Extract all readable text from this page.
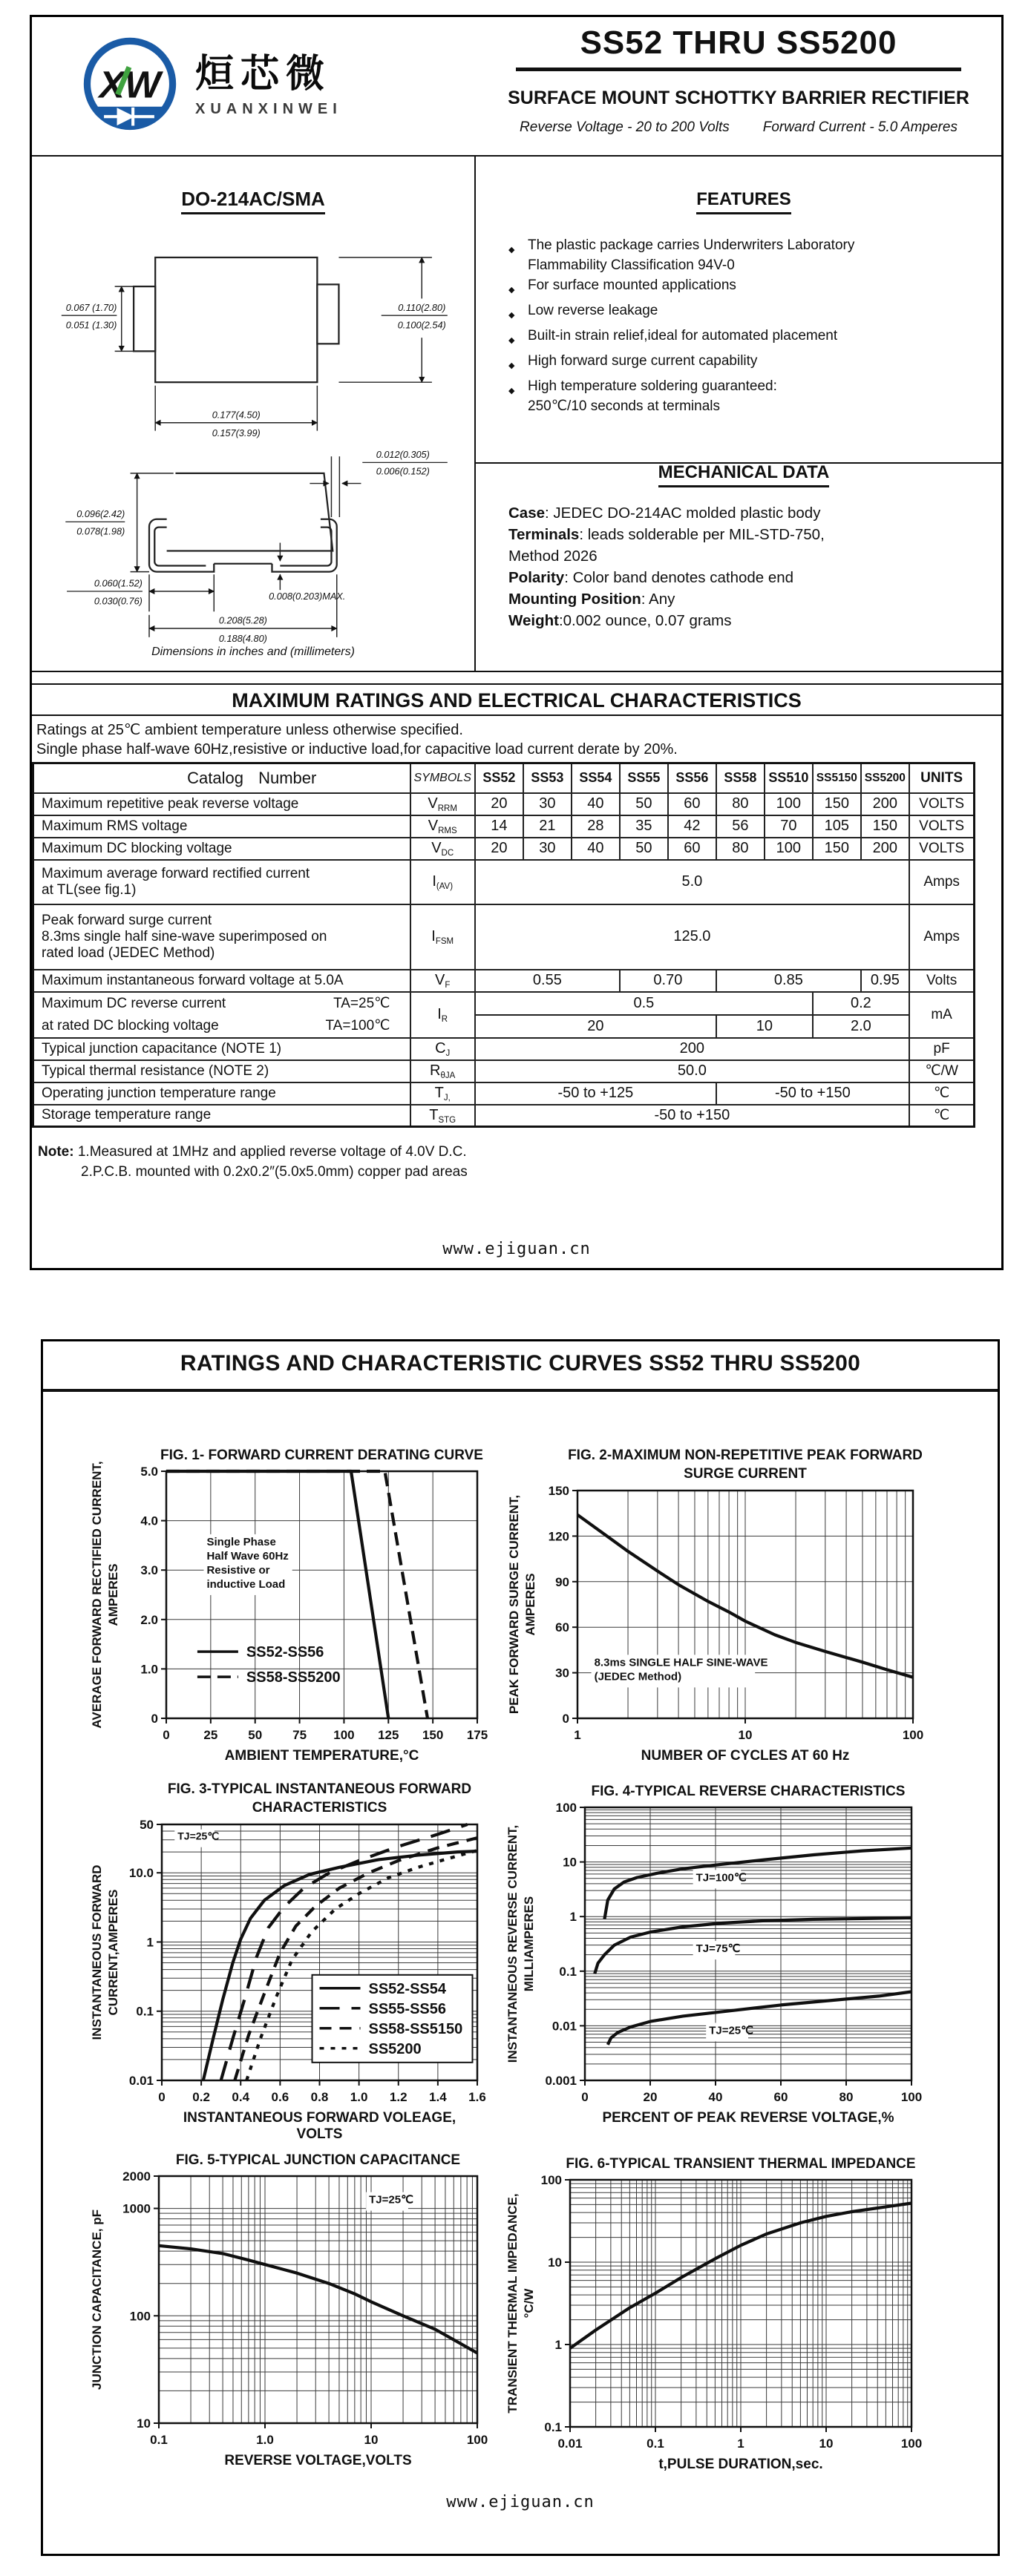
XW 烜芯微
XUANXINWEI
SS52 THRU SS5200
SURFACE MOUNT SCHOTTKY BARRIER RECTIFIER
Reverse Voltage - 20 to 200 Volts Forward Current - 5.0 Amperes
DO-214AC/SMA
0.067 (1.70)
0.051 (1.30)
0.110(2.80)
0.100(2.54)
0.177(4.50)
0.157(3.99)
0.012(0.305)
0.006(0.152)
0.096(2.42)
0.078(1.98)
0.060(1.52)
0.030(0.76)	0.008(0.203)MAX.
0.208(5.28)
0.188(4.80)
Dimensions in inches and (millimeters)
FEATURES
◆ The plastic package carries Underwriters Laboratory
Flammability Classification 94V-0
◆ For surface mounted applications
◆ Low reverse leakage
◆ Built-in strain relief,ideal for automated placement
◆ High forward surge current capability
◆ High temperature soldering guaranteed:
250℃/10 seconds at terminals
MECHANICAL DATA
Case: JEDEC DO-214AC molded plastic body
Terminals: leads solderable per MIL-STD-750,
Method 2026
Polarity: Color band denotes cathode end
Mounting Position: Any
Weight:0.002 ounce, 0.07 grams
MAXIMUM RATINGS AND ELECTRICAL CHARACTERISTICS
Ratings at 25℃ ambient temperature unless otherwise specified.
Single phase half-wave 60Hz,resistive or inductive load,for capacitive load current derate by 20%.
Catalog Number	SYMBOLS	SS52	SS53	SS54	SS55	SS56	SS58	SS510	SS5150	SS5200	UNITS

Maximum repetitive peak reverse voltage	$V_{RRM}$	20	30	40	50	60	80	100	150	200	VOLTS

Maximum RMS voltage	$V_{RMS}$	14	21	28	35	42	56	70	105	150	VOLTS

Maximum DC blocking voltage	$V_{DC}$	20	30	40	50	60	80	100	150	200	VOLTS

Maximum average forward rectified current
at TL(see fig.1)	$I_{(AV)}$	5.0									Amps

Peak forward surge current
8.3ms single half sine-wave superimposed on
rated load (JEDEC Method)	$I_{FSM}$	125.0									Amps

Maximum instantaneous forward voltage at 5.0A	$V_F$	0.55			0.70		0.85			0.95	Volts

Maximum DC reverse current TA=25℃
at rated DC blocking voltage TA=100℃	$I_R$	0.5							0.2		mA
		20					10		2.0		

Typical junction capacitance (NOTE 1)	$C_J$	200									pF

Typical thermal resistance (NOTE 2)	$R_{\theta JA}$	50.0									℃/W

Operating junction temperature range	$T_{J,}$	-50 to +125					-50 to +150				℃

Storage temperature range	$T_{STG}$	-50 to +150									℃
Note: 1.Measured at 1MHz and applied reverse voltage of 4.0V D.C.
2.P.C.B. mounted with 0.2x0.2″(5.0x5.0mm) copper pad areas
www.ejiguan.cn
RATINGS AND CHARACTERISTIC CURVES SS52 THRU SS5200
FIG. 1- FORWARD CURRENT DERATING CURVE
0	25 50 75 100 125 150 175
0
1.0
2.0
3.0
4.0
5.0
AMBIENT TEMPERATURE,°C
AVERAGE FORWARD RECTIFIED CURRENT, AMPERES
Single Phase
Half Wave 60Hz
Resistive or
inductive Load
SS52-SS56
SS58-SS5200
FIG. 2-MAXIMUM NON-REPETITIVE PEAK FORWARD
SURGE CURRENT
1	10	100
0
30
60
90
120
150
NUMBER OF CYCLES AT 60 Hz
PEAK FORWARD SURGE CURRENT, AMPERES
8.3ms SINGLE HALF SINE-WAVE
(JEDEC Method)
FIG. 3-TYPICAL INSTANTANEOUS FORWARD
CHARACTERISTICS
0 0.2 0.4 0.6 0.8 1.0 1.2 1.4 1.6
0.01
0.1
1
10.0
50
INSTANTANEOUS FORWARD VOLEAGE,
VOLTS
INSTANTANEOUS FORWARD CURRENT,AMPERES
TJ=25℃
SS52-SS54
SS55-SS56
SS58-SS5150
SS5200
FIG. 4-TYPICAL REVERSE CHARACTERISTICS
0	20	40	60	80	100
0.001
0.01
0.1
1
10
100
PERCENT OF PEAK REVERSE VOLTAGE,%
INSTANTANEOUS REVERSE CURRENT, MILLIAMPERES
TJ=100℃
TJ=75℃
TJ=25℃
FIG. 5-TYPICAL JUNCTION CAPACITANCE
0.1	1.0	10	100
10
100
1000
2000
REVERSE VOLTAGE,VOLTS
JUNCTION CAPACITANCE, pF
TJ=25℃
FIG. 6-TYPICAL TRANSIENT THERMAL IMPEDANCE
0.01	0.1	1	10	100
0.1
1
10
100
t,PULSE DURATION,sec.
TRANSIENT THERMAL IMPEDANCE, °C/W
www.ejiguan.cn
